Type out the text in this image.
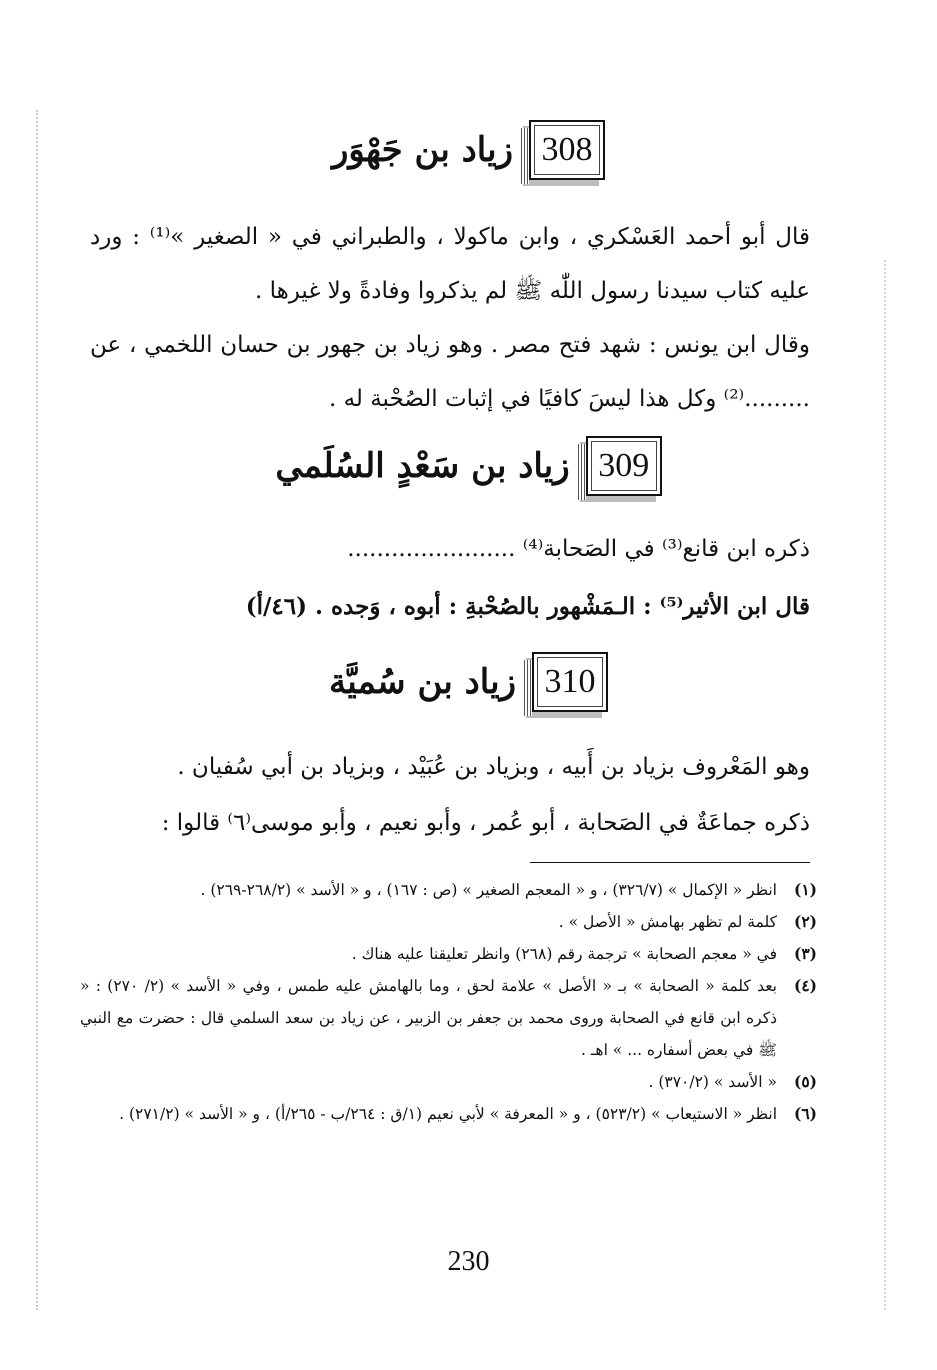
308
زياد بن جَهْوَر
قال أبو أحمد العَسْكري ، وابن ماكولا ، والطبراني في « الصغير »⁽¹⁾ : ورد عليه كتاب سيدنا رسول اللّٰه ﷺ لم يذكروا وفادةً ولا غيرها .
وقال ابن يونس : شهد فتح مصر . وهو زياد بن جهور بن حسان اللخمي ، عن .........⁽²⁾ وكل هذا ليسَ كافيًا في إثبات الصُحْبة له .
309
زياد بن سَعْدٍ السُلَمي
ذكره ابن قانع⁽³⁾ في الصَحابة⁽⁴⁾ .......................
قال ابن الأثير⁽⁵⁾ : الـمَشْهور بالصُحْبةِ : أبوه ، وَجده . (٤٦/أ)
310
زياد بن سُميَّة
وهو المَعْروف بزياد بن أَبيه ، وبزياد بن عُبَيْد ، وبزياد بن أبي سُفيان .
ذكره جماعَةٌ في الصَحابة ، أبو عُمر ، وأبو نعيم ، وأبو موسى⁽٦⁾ قالوا :
(١)
انظر « الإكمال » (٣٢٦/٧) ، و « المعجم الصغير » (ص : ١٦٧) ، و « الأسد » (٢٦٨/٢-٢٦٩) .
(٢)
كلمة لم تظهر بهامش « الأصل » .
(٣)
في « معجم الصحابة » ترجمة رقم (٢٦٨) وانظر تعليقنا عليه هناك .
(٤)
بعد كلمة « الصحابة » بـ « الأصل » علامة لحق ، وما بالهامش عليه طمس ، وفي « الأسد » (٢/ ٢٧٠) : « ذكره ابن قانع في الصحابة وروى محمد بن جعفر بن الزبير ، عن زياد بن سعد السلمي قال : حضرت مع النبي ﷺ في بعض أسفاره ... » اهـ .
(٥)
« الأسد » (٣٧٠/٢) .
(٦)
انظر « الاستيعاب » (٥٢٣/٢) ، و « المعرفة » لأبي نعيم (١/ق : ٢٦٤/ب - ٢٦٥/أ) ، و « الأسد » (٢٧١/٢) .
230
